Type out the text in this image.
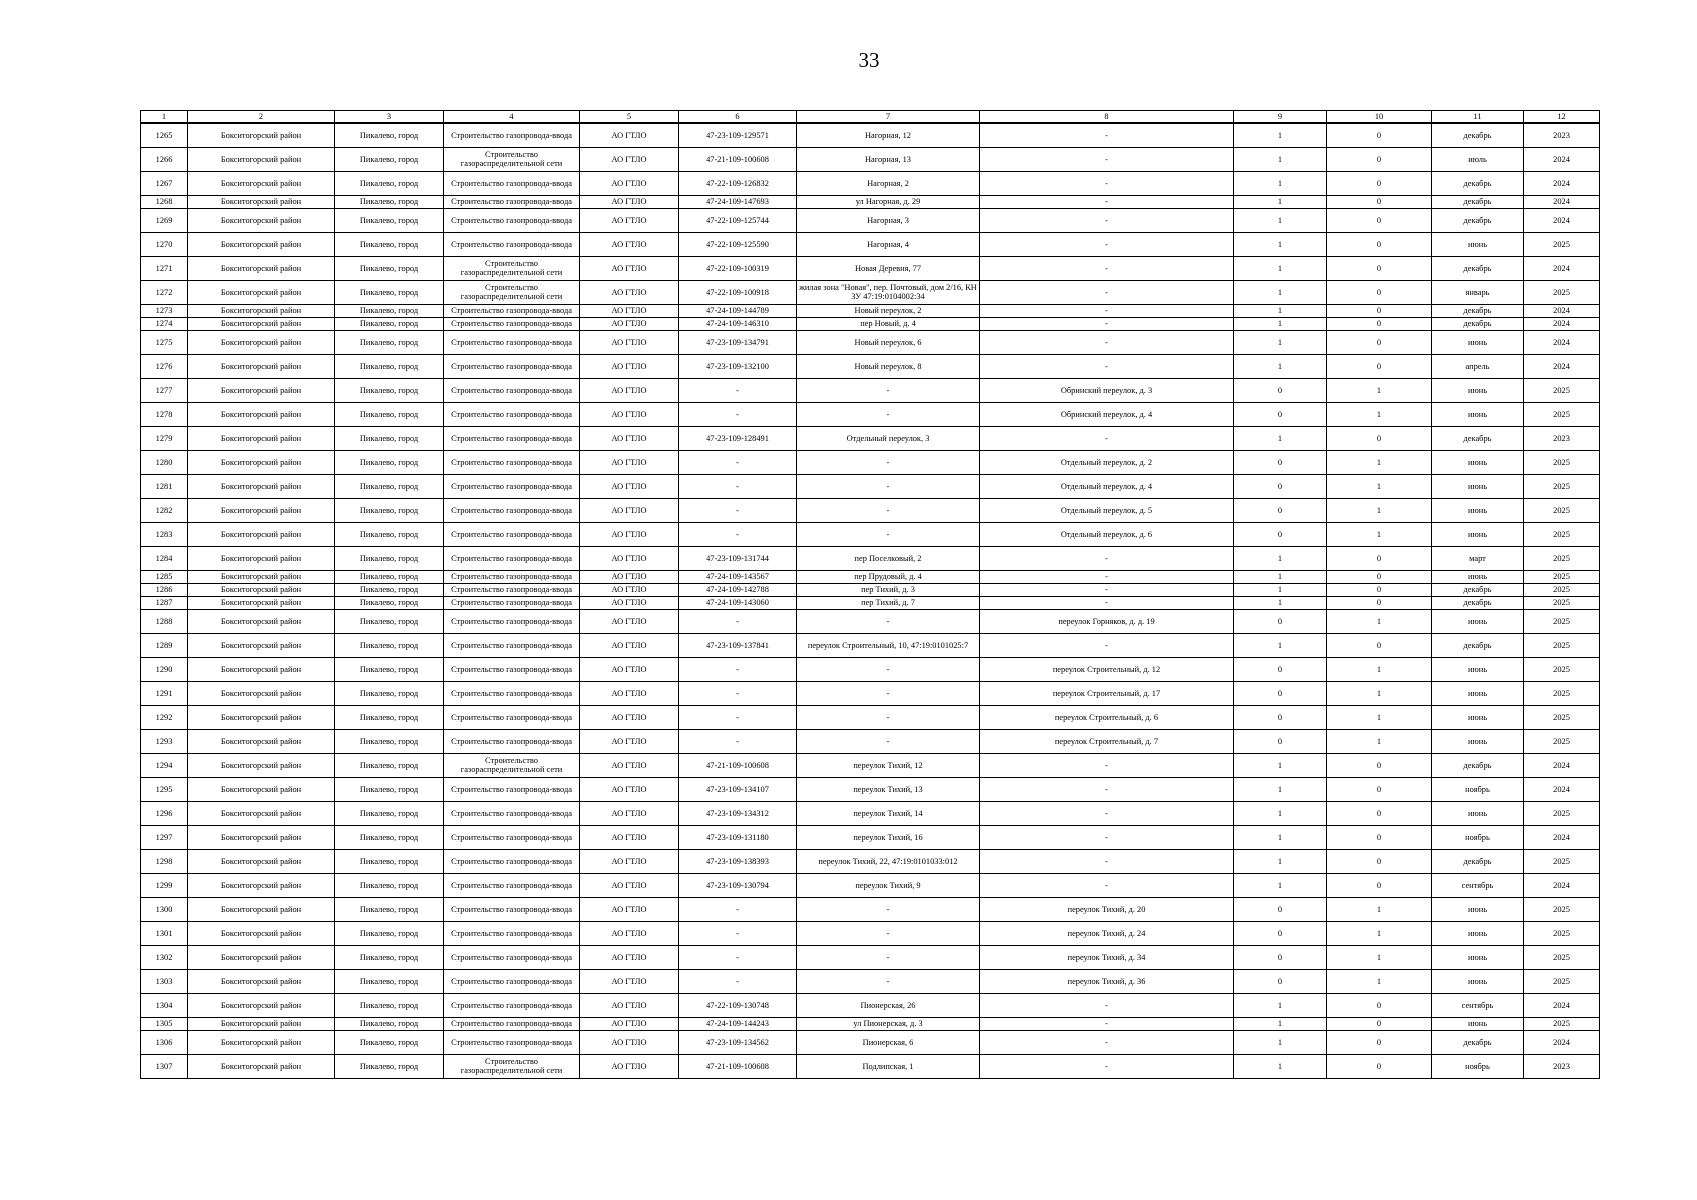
33
1	2	3	4	5	6	7	8	9	10	11	12
1265	Бокситогорский район	Пикалево, город	Строительство газопровода-ввода	АО ГТЛО	47-23-109-129571	Нагорная, 12	-	1	0	декабрь	2023
1266	Бокситогорский район	Пикалево, город	Строительство газораспределительной сети	АО ГТЛО	47-21-109-100608	Нагорная, 13	-	1	0	июль	2024
1267	Бокситогорский район	Пикалево, город	Строительство газопровода-ввода	АО ГТЛО	47-22-109-126832	Нагорная, 2	-	1	0	декабрь	2024
1268	Бокситогорский район	Пикалево, город	Строительство газопровода-ввода	АО ГТЛО	47-24-109-147693	ул Нагорная, д. 29	-	1	0	декабрь	2024
1269	Бокситогорский район	Пикалево, город	Строительство газопровода-ввода	АО ГТЛО	47-22-109-125744	Нагорная, 3	-	1	0	декабрь	2024
1270	Бокситогорский район	Пикалево, город	Строительство газопровода-ввода	АО ГТЛО	47-22-109-125590	Нагорная, 4	-	1	0	июнь	2025
1271	Бокситогорский район	Пикалево, город	Строительство газораспределительной сети	АО ГТЛО	47-22-109-100319	Новая Деревня, 77	-	1	0	декабрь	2024
1272	Бокситогорский район	Пикалево, город	Строительство газораспределительной сети	АО ГТЛО	47-22-109-100918	жилая зона "Новая", пер. Почтовый, дом 2/16, КН ЗУ 47:19:0104002:34	-	1	0	январь	2025
1273	Бокситогорский район	Пикалево, город	Строительство газопровода-ввода	АО ГТЛО	47-24-109-144789	Новый переулок, 2	-	1	0	декабрь	2024
1274	Бокситогорский район	Пикалево, город	Строительство газопровода-ввода	АО ГТЛО	47-24-109-146310	пер Новый, д. 4	-	1	0	декабрь	2024
1275	Бокситогорский район	Пикалево, город	Строительство газопровода-ввода	АО ГТЛО	47-23-109-134791	Новый переулок, 6	-	1	0	июнь	2024
1276	Бокситогорский район	Пикалево, город	Строительство газопровода-ввода	АО ГТЛО	47-23-109-132100	Новый переулок, 8	-	1	0	апрель	2024
1277	Бокситогорский район	Пикалево, город	Строительство газопровода-ввода	АО ГТЛО	-	-	Обринский переулок, д. 3	0	1	июнь	2025
1278	Бокситогорский район	Пикалево, город	Строительство газопровода-ввода	АО ГТЛО	-	-	Обринский переулок, д. 4	0	1	июнь	2025
1279	Бокситогорский район	Пикалево, город	Строительство газопровода-ввода	АО ГТЛО	47-23-109-128491	Отдельный переулок, 3	-	1	0	декабрь	2023
1280	Бокситогорский район	Пикалево, город	Строительство газопровода-ввода	АО ГТЛО	-	-	Отдельный переулок, д. 2	0	1	июнь	2025
1281	Бокситогорский район	Пикалево, город	Строительство газопровода-ввода	АО ГТЛО	-	-	Отдельный переулок, д. 4	0	1	июнь	2025
1282	Бокситогорский район	Пикалево, город	Строительство газопровода-ввода	АО ГТЛО	-	-	Отдельный переулок, д. 5	0	1	июнь	2025
1283	Бокситогорский район	Пикалево, город	Строительство газопровода-ввода	АО ГТЛО	-	-	Отдельный переулок, д. 6	0	1	июнь	2025
1284	Бокситогорский район	Пикалево, город	Строительство газопровода-ввода	АО ГТЛО	47-23-109-131744	пер Поселковый, 2	-	1	0	март	2025
1285	Бокситогорский район	Пикалево, город	Строительство газопровода-ввода	АО ГТЛО	47-24-109-143567	пер Прудовый, д. 4	-	1	0	июнь	2025
1286	Бокситогорский район	Пикалево, город	Строительство газопровода-ввода	АО ГТЛО	47-24-109-142788	пер Тихий, д. 3	-	1	0	декабрь	2025
1287	Бокситогорский район	Пикалево, город	Строительство газопровода-ввода	АО ГТЛО	47-24-109-143060	пер Тихий, д. 7	-	1	0	декабрь	2025
1288	Бокситогорский район	Пикалево, город	Строительство газопровода-ввода	АО ГТЛО	-	-	переулок Горняков, д. д. 19	0	1	июнь	2025
1289	Бокситогорский район	Пикалево, город	Строительство газопровода-ввода	АО ГТЛО	47-23-109-137841	переулок Строительный, 10, 47:19:0101025:7	-	1	0	декабрь	2025
1290	Бокситогорский район	Пикалево, город	Строительство газопровода-ввода	АО ГТЛО	-	-	переулок Строительный, д. 12	0	1	июнь	2025
1291	Бокситогорский район	Пикалево, город	Строительство газопровода-ввода	АО ГТЛО	-	-	переулок Строительный, д. 17	0	1	июнь	2025
1292	Бокситогорский район	Пикалево, город	Строительство газопровода-ввода	АО ГТЛО	-	-	переулок Строительный, д. 6	0	1	июнь	2025
1293	Бокситогорский район	Пикалево, город	Строительство газопровода-ввода	АО ГТЛО	-	-	переулок Строительный, д. 7	0	1	июнь	2025
1294	Бокситогорский район	Пикалево, город	Строительство газораспределительной сети	АО ГТЛО	47-21-109-100608	переулок Тихий, 12	-	1	0	декабрь	2024
1295	Бокситогорский район	Пикалево, город	Строительство газопровода-ввода	АО ГТЛО	47-23-109-134107	переулок Тихий, 13	-	1	0	ноябрь	2024
1296	Бокситогорский район	Пикалево, город	Строительство газопровода-ввода	АО ГТЛО	47-23-109-134312	переулок Тихий, 14	-	1	0	июнь	2025
1297	Бокситогорский район	Пикалево, город	Строительство газопровода-ввода	АО ГТЛО	47-23-109-131180	переулок Тихий, 16	-	1	0	ноябрь	2024
1298	Бокситогорский район	Пикалево, город	Строительство газопровода-ввода	АО ГТЛО	47-23-109-138393	переулок Тихий, 22, 47:19:0101033:012	-	1	0	декабрь	2025
1299	Бокситогорский район	Пикалево, город	Строительство газопровода-ввода	АО ГТЛО	47-23-109-130794	переулок Тихий, 9	-	1	0	сентябрь	2024
1300	Бокситогорский район	Пикалево, город	Строительство газопровода-ввода	АО ГТЛО	-	-	переулок Тихий, д. 20	0	1	июнь	2025
1301	Бокситогорский район	Пикалево, город	Строительство газопровода-ввода	АО ГТЛО	-	-	переулок Тихий, д. 24	0	1	июнь	2025
1302	Бокситогорский район	Пикалево, город	Строительство газопровода-ввода	АО ГТЛО	-	-	переулок Тихий, д. 34	0	1	июнь	2025
1303	Бокситогорский район	Пикалево, город	Строительство газопровода-ввода	АО ГТЛО	-	-	переулок Тихий, д. 36	0	1	июнь	2025
1304	Бокситогорский район	Пикалево, город	Строительство газопровода-ввода	АО ГТЛО	47-22-109-130748	Пионерская, 26	-	1	0	сентябрь	2024
1305	Бокситогорский район	Пикалево, город	Строительство газопровода-ввода	АО ГТЛО	47-24-109-144243	ул Пионерская, д. 3	-	1	0	июнь	2025
1306	Бокситогорский район	Пикалево, город	Строительство газопровода-ввода	АО ГТЛО	47-23-109-134562	Пионерская, 6	-	1	0	декабрь	2024
1307	Бокситогорский район	Пикалево, город	Строительство газораспределительной сети	АО ГТЛО	47-21-109-100608	Подлипская, 1	-	1	0	ноябрь	2023
